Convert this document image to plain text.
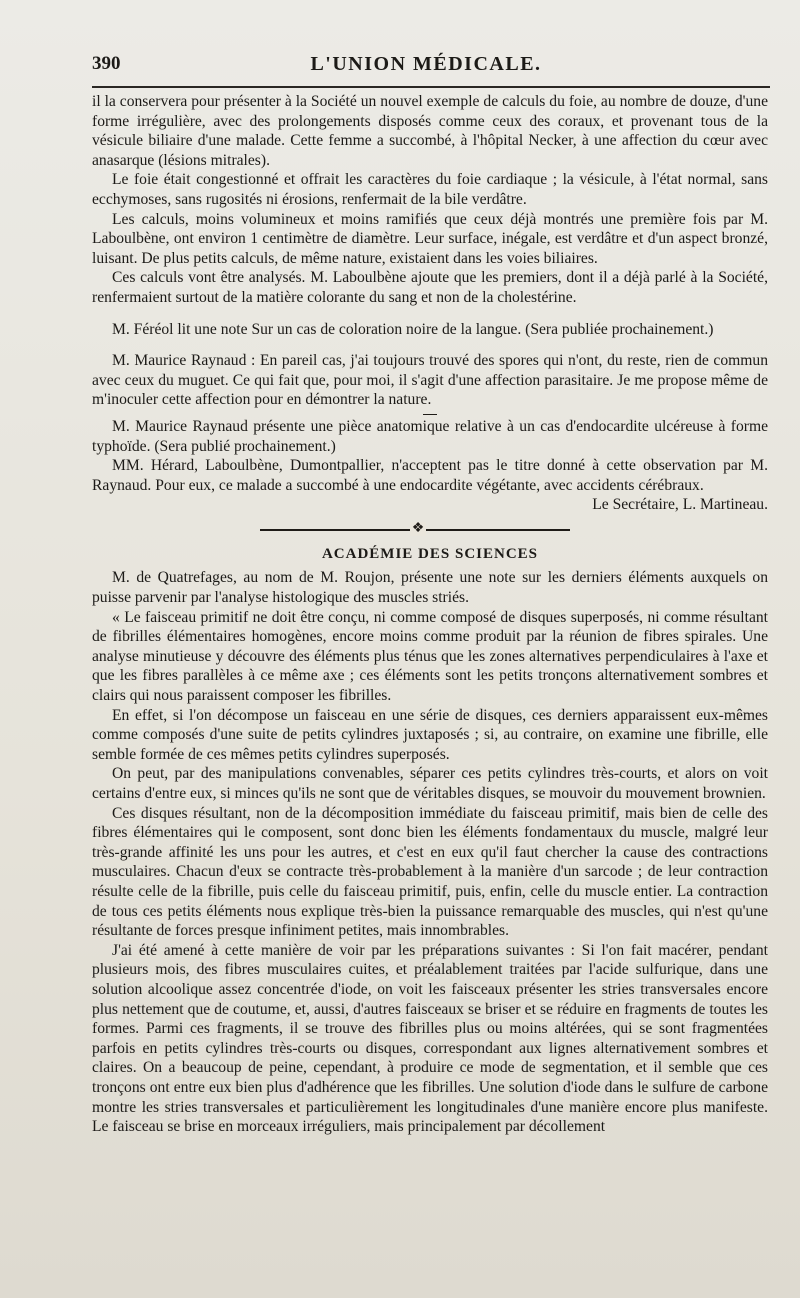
390	L'UNION MÉDICALE.

il la conservera pour présenter à la Société un nouvel exemple de calculs du foie, au nombre de douze, d'une forme irrégulière, avec des prolongements disposés comme ceux des coraux, et provenant tous de la vésicule biliaire d'une malade. Cette femme a succombé, à l'hôpital Necker, à une affection du cœur avec anasarque (lésions mitrales).

Le foie était congestionné et offrait les caractères du foie cardiaque ; la vésicule, à l'état normal, sans ecchymoses, sans rugosités ni érosions, renfermait de la bile verdâtre.

Les calculs, moins volumineux et moins ramifiés que ceux déjà montrés une première fois par M. Laboulbène, ont environ 1 centimètre de diamètre. Leur surface, inégale, est verdâtre et d'un aspect bronzé, luisant. De plus petits calculs, de même nature, existaient dans les voies biliaires.

Ces calculs vont être analysés. M. Laboulbène ajoute que les premiers, dont il a déjà parlé à la Société, renfermaient surtout de la matière colorante du sang et non de la cholestérine.

M. Féréol lit une note Sur un cas de coloration noire de la langue. (Sera publiée prochainement.)

M. Maurice Raynaud : En pareil cas, j'ai toujours trouvé des spores qui n'ont, du reste, rien de commun avec ceux du muguet. Ce qui fait que, pour moi, il s'agit d'une affection parasitaire. Je me propose même de m'inoculer cette affection pour en démontrer la nature.

M. Maurice Raynaud présente une pièce anatomique relative à un cas d'endocardite ulcéreuse à forme typhoïde. (Sera publié prochainement.)

MM. Hérard, Laboulbène, Dumontpallier, n'acceptent pas le titre donné à cette observation par M. Raynaud. Pour eux, ce malade a succombé à une endocardite végétante, avec accidents cérébraux.

Le Secrétaire, L. Martineau.

❖
ACADÉMIE DES SCIENCES

M. de Quatrefages, au nom de M. Roujon, présente une note sur les derniers éléments auxquels on puisse parvenir par l'analyse histologique des muscles striés.

« Le faisceau primitif ne doit être conçu, ni comme composé de disques superposés, ni comme résultant de fibrilles élémentaires homogènes, encore moins comme produit par la réunion de fibres spirales. Une analyse minutieuse y découvre des éléments plus ténus que les zones alternatives perpendiculaires à l'axe et que les fibres parallèles à ce même axe ; ces éléments sont les petits tronçons alternativement sombres et clairs qui nous paraissent composer les fibrilles.

En effet, si l'on décompose un faisceau en une série de disques, ces derniers apparaissent eux-mêmes comme composés d'une suite de petits cylindres juxtaposés ; si, au contraire, on examine une fibrille, elle semble formée de ces mêmes petits cylindres superposés.

On peut, par des manipulations convenables, séparer ces petits cylindres très-courts, et alors on voit certains d'entre eux, si minces qu'ils ne sont que de véritables disques, se mouvoir du mouvement brownien.

Ces disques résultant, non de la décomposition immédiate du faisceau primitif, mais bien de celle des fibres élémentaires qui le composent, sont donc bien les éléments fondamentaux du muscle, malgré leur très-grande affinité les uns pour les autres, et c'est en eux qu'il faut chercher la cause des contractions musculaires. Chacun d'eux se contracte très-probablement à la manière d'un sarcode ; de leur contraction résulte celle de la fibrille, puis celle du faisceau primitif, puis, enfin, celle du muscle entier. La contraction de tous ces petits éléments nous explique très-bien la puissance remarquable des muscles, qui n'est qu'une résultante de forces presque infiniment petites, mais innombrables.

J'ai été amené à cette manière de voir par les préparations suivantes : Si l'on fait macérer, pendant plusieurs mois, des fibres musculaires cuites, et préalablement traitées par l'acide sulfurique, dans une solution alcoolique assez concentrée d'iode, on voit les faisceaux présenter les stries transversales encore plus nettement que de coutume, et, aussi, d'autres faisceaux se briser et se réduire en fragments de toutes les formes. Parmi ces fragments, il se trouve des fibrilles plus ou moins altérées, qui se sont fragmentées parfois en petits cylindres très-courts ou disques, correspondant aux lignes alternativement sombres et claires. On a beaucoup de peine, cependant, à produire ce mode de segmentation, et il semble que ces tronçons ont entre eux bien plus d'adhérence que les fibrilles. Une solution d'iode dans le sulfure de carbone montre les stries transversales et particulièrement les longitudinales d'une manière encore plus manifeste. Le faisceau se brise en morceaux irréguliers, mais principalement par décollement
